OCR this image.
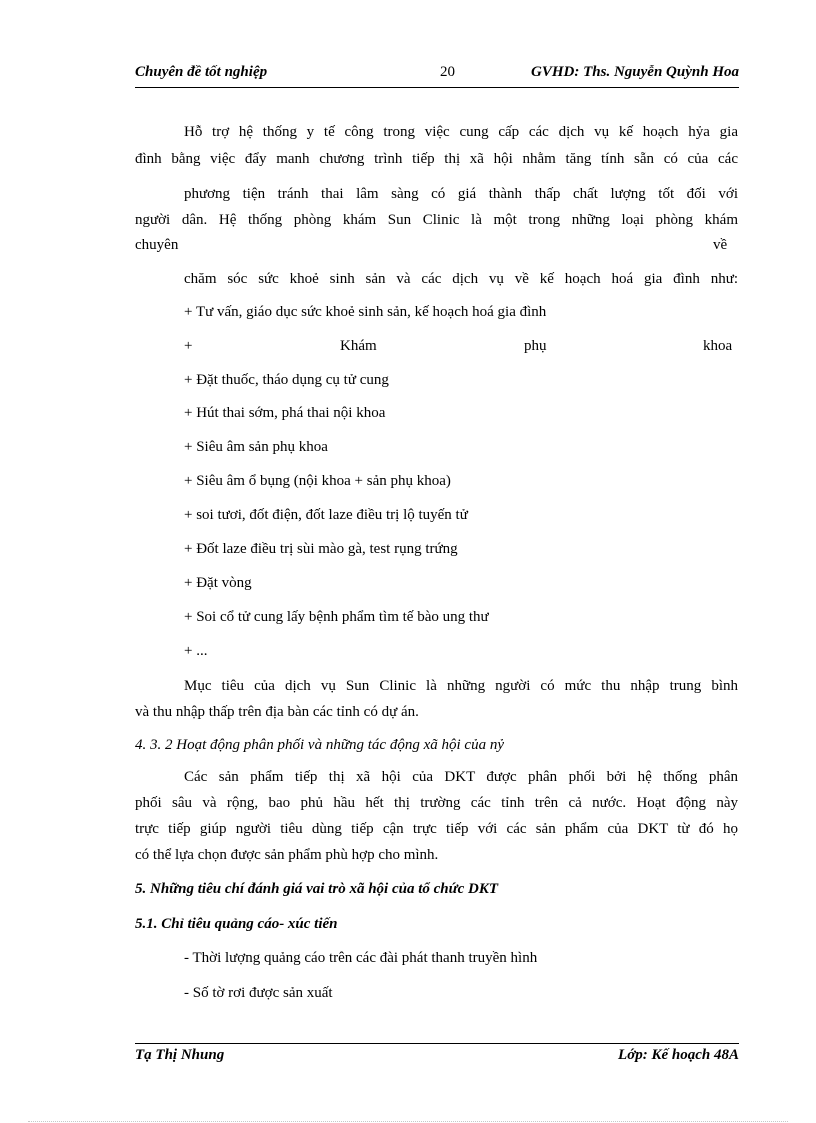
Chuyên đề tốt nghiệp	20	GVHD: Ths. Nguyễn Quỳnh Hoa
Hỗ trợ hệ thống y tế công trong việc cung cấp các dịch vụ kế hoạch hỷa gia
đình bằng việc đẩy manh chương trình tiếp thị xã hội nhằm tăng tính sẵn có của các
phương tiện tránh thai lâm sàng có giá thành thấp chất lượng tốt đối với
người dân. Hệ thống phòng khám Sun Clinic là một trong những loại phòng khám
chuyên	về
chăm sóc sức khoẻ sinh sản và các dịch vụ về kế hoạch hoá gia đình như:
+ Tư vấn, giáo dục sức khoẻ sinh sản, kế hoạch hoá gia đình
+	Khám	phụ	khoa
+ Đặt thuốc, tháo dụng cụ tử cung
+ Hút thai sớm, phá thai nội khoa
+ Siêu âm sản phụ khoa
+ Siêu âm ổ bụng (nội khoa + sản phụ khoa)
+ soi tươi, đốt điện, đốt laze điều trị lộ tuyến tử
+ Đốt laze điều trị sùi mào gà, test rụng trứng
+ Đặt vòng
+ Soi cổ tử cung lấy bệnh phẩm tìm tế bào ung thư
+ ...
Mục tiêu của dịch vụ Sun Clinic là những người có mức thu nhập trung bình
và thu nhập thấp trên địa bàn các tỉnh có dự án.
4. 3. 2 Hoạt động phân phối và những tác động xã hội của nỷ
Các sản phẩm tiếp thị xã hội của DKT được phân phối bởi hệ thống phân
phối sâu và rộng, bao phủ hầu hết thị trường các tỉnh trên cả nước. Hoạt động này
trực tiếp giúp người tiêu dùng tiếp cận trực tiếp với các sản phẩm của DKT từ đó họ
có thể lựa chọn được sản phẩm phù hợp cho mình.
5. Những tiêu chí đánh giá vai trò xã hội của tổ chức DKT
5.1. Chỉ tiêu quảng cáo- xúc tiến
- Thời lượng quảng cáo trên các đài phát thanh truyền hình
- Số tờ rơi được sản xuất
Tạ Thị Nhung	Lớp: Kế hoạch 48A
